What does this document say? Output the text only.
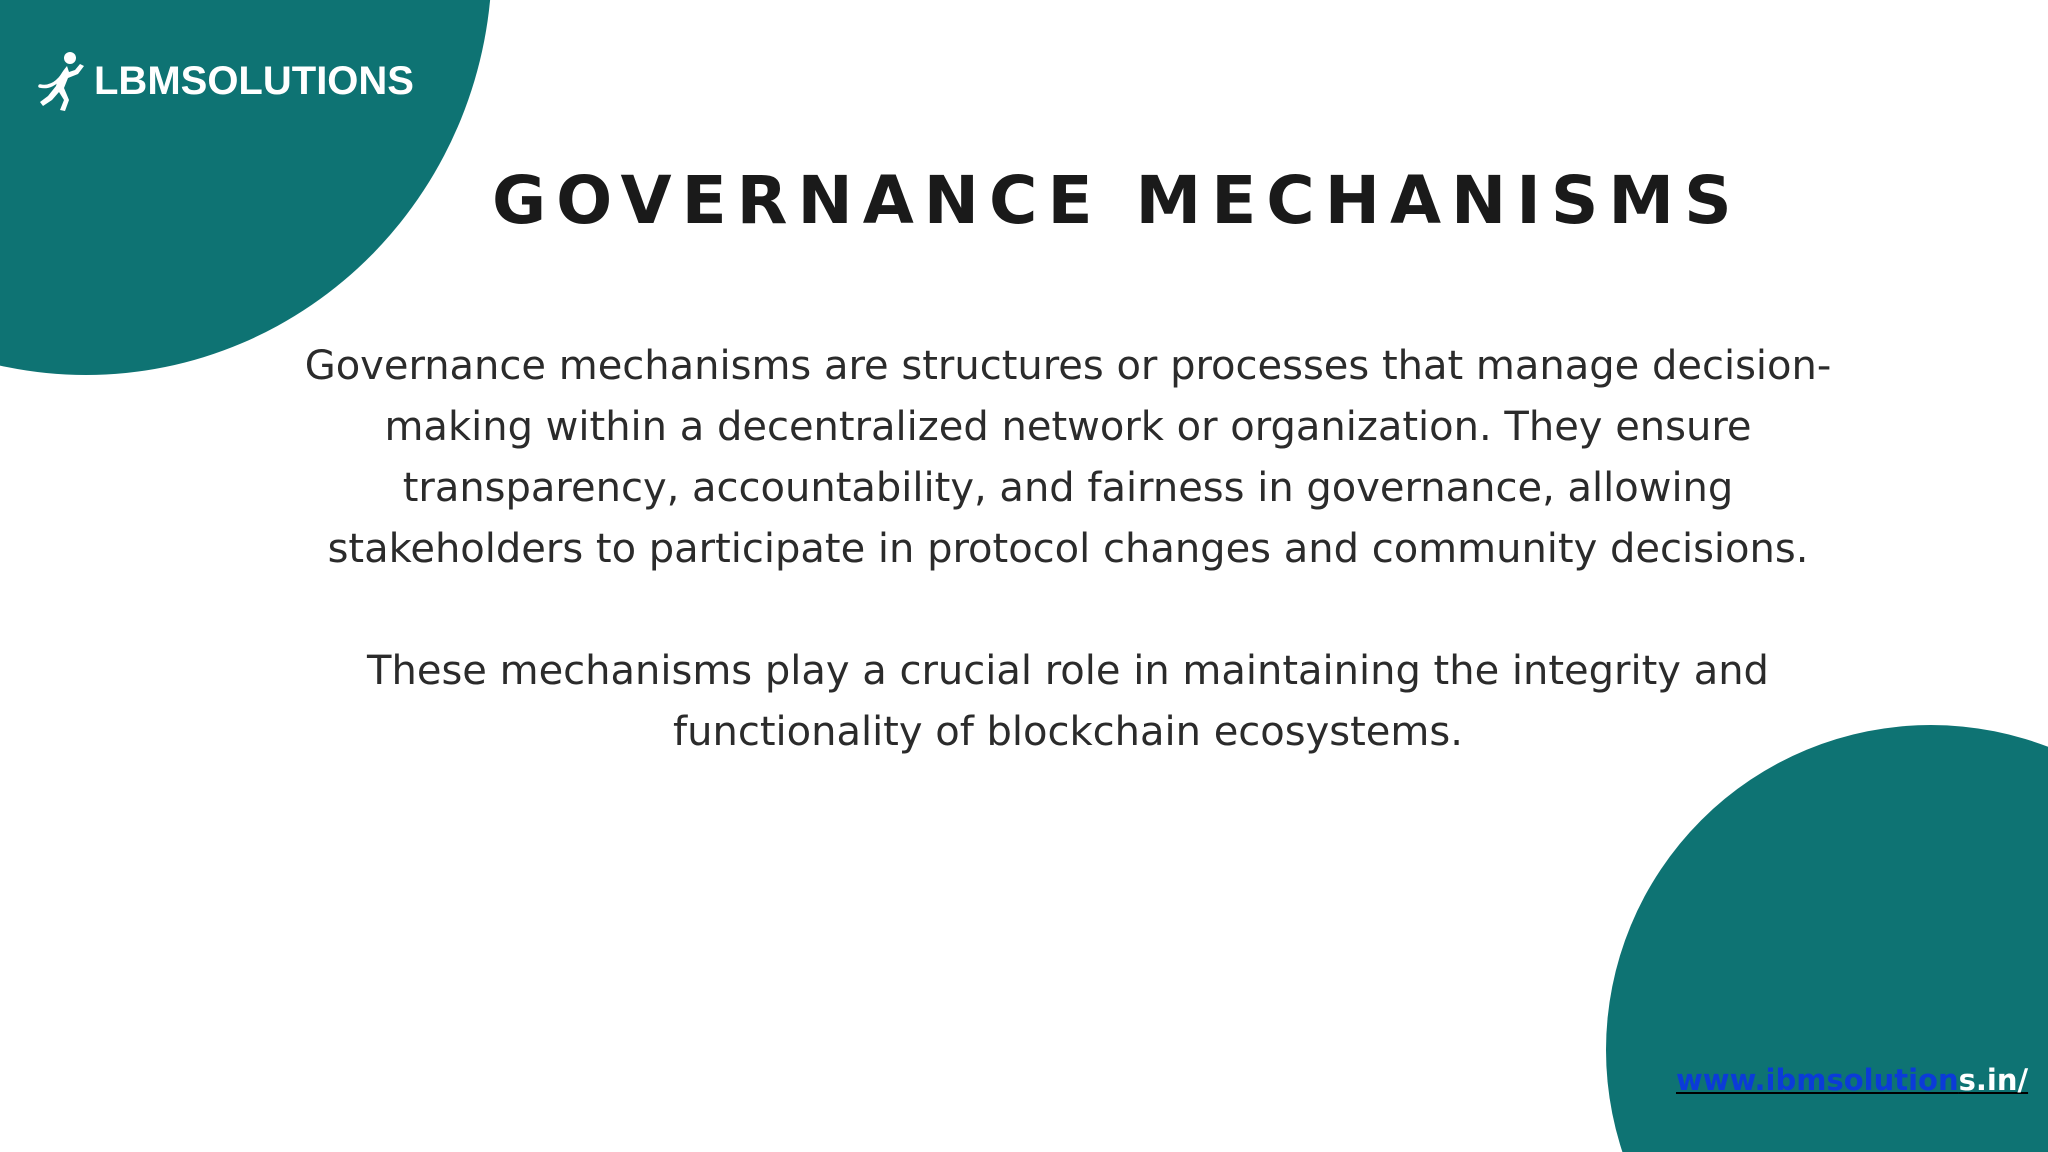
LBMSOLUTIONS
GOVERNANCE MECHANISMS

Governance mechanisms are structures or processes that manage decision-making within a decentralized network or organization. They ensure transparency, accountability, and fairness in governance, allowing stakeholders to participate in protocol changes and community decisions.

These mechanisms play a crucial role in maintaining the integrity and functionality of blockchain ecosystems.

www.ibmsolutions.in/
